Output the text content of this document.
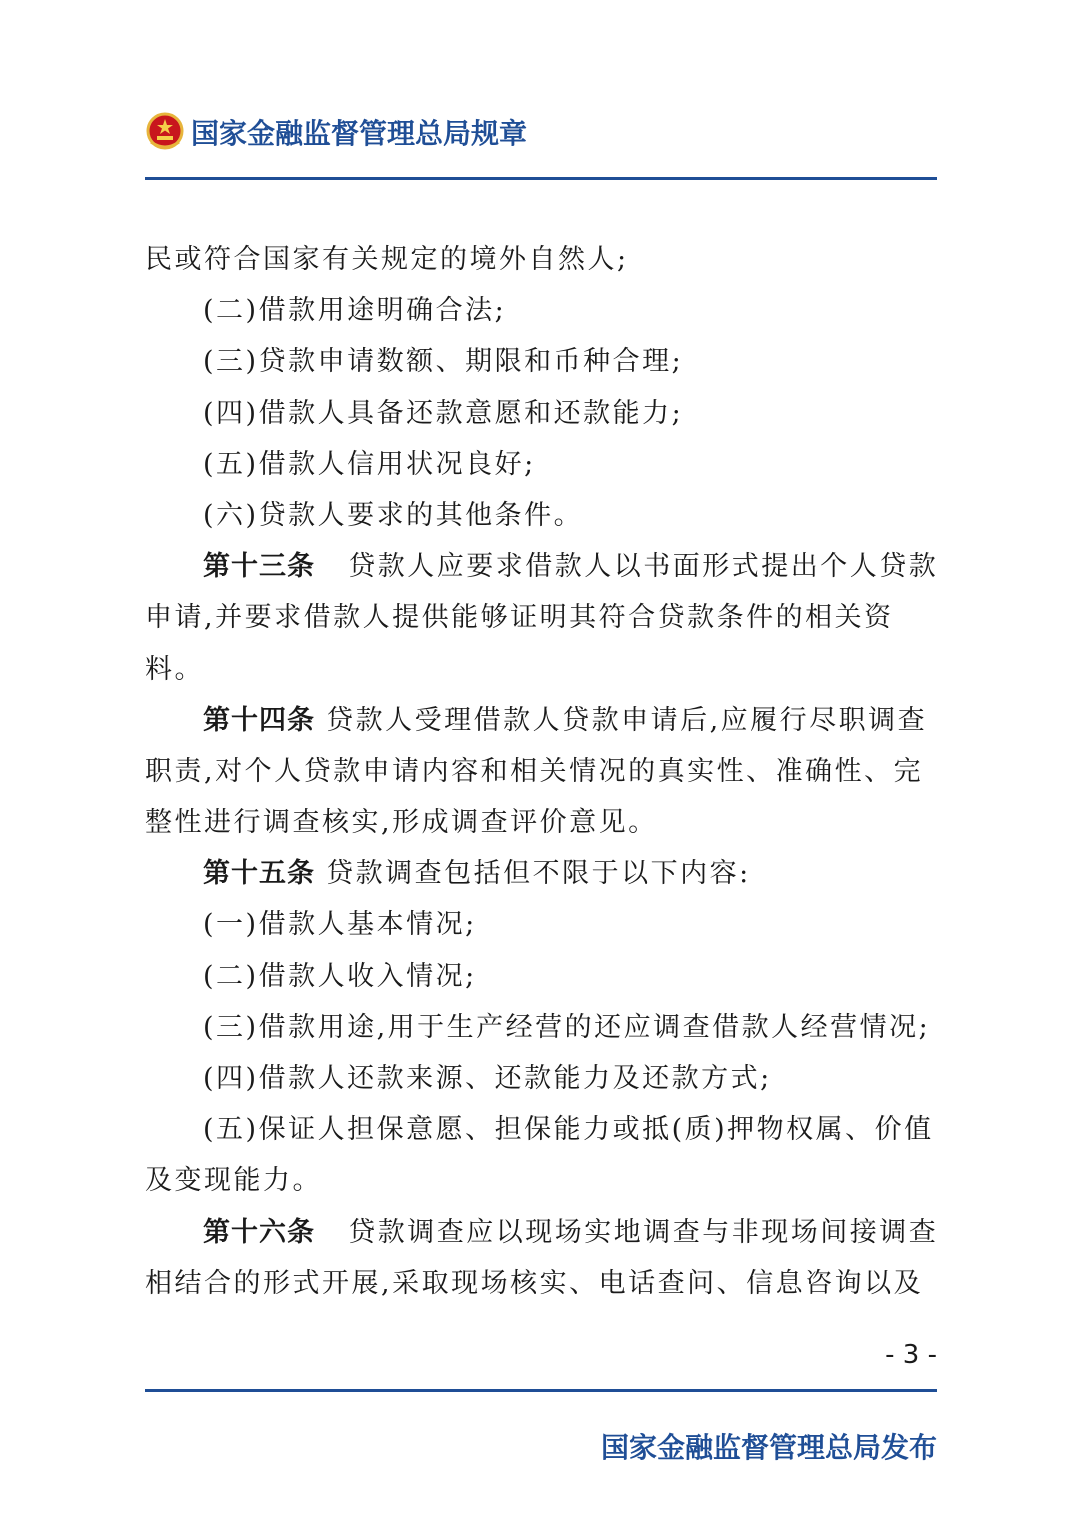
国家金融监督管理总局规章
民或符合国家有关规定的境外自然人;
(二)借款用途明确合法;
(三)贷款申请数额、期限和币种合理;
(四)借款人具备还款意愿和还款能力;
(五)借款人信用状况良好;
(六)贷款人要求的其他条件。
第十三条 贷款人应要求借款人以书面形式提出个人贷款
申请,并要求借款人提供能够证明其符合贷款条件的相关资
料。
第十四条 贷款人受理借款人贷款申请后,应履行尽职调查
职责,对个人贷款申请内容和相关情况的真实性、准确性、完
整性进行调查核实,形成调查评价意见。
第十五条 贷款调查包括但不限于以下内容:
(一)借款人基本情况;
(二)借款人收入情况;
(三)借款用途,用于生产经营的还应调查借款人经营情况;
(四)借款人还款来源、还款能力及还款方式;
(五)保证人担保意愿、担保能力或抵(质)押物权属、价值
及变现能力。
第十六条 贷款调查应以现场实地调查与非现场间接调查
相结合的形式开展,采取现场核实、电话查问、信息咨询以及
- 3 -
国家金融监督管理总局发布
